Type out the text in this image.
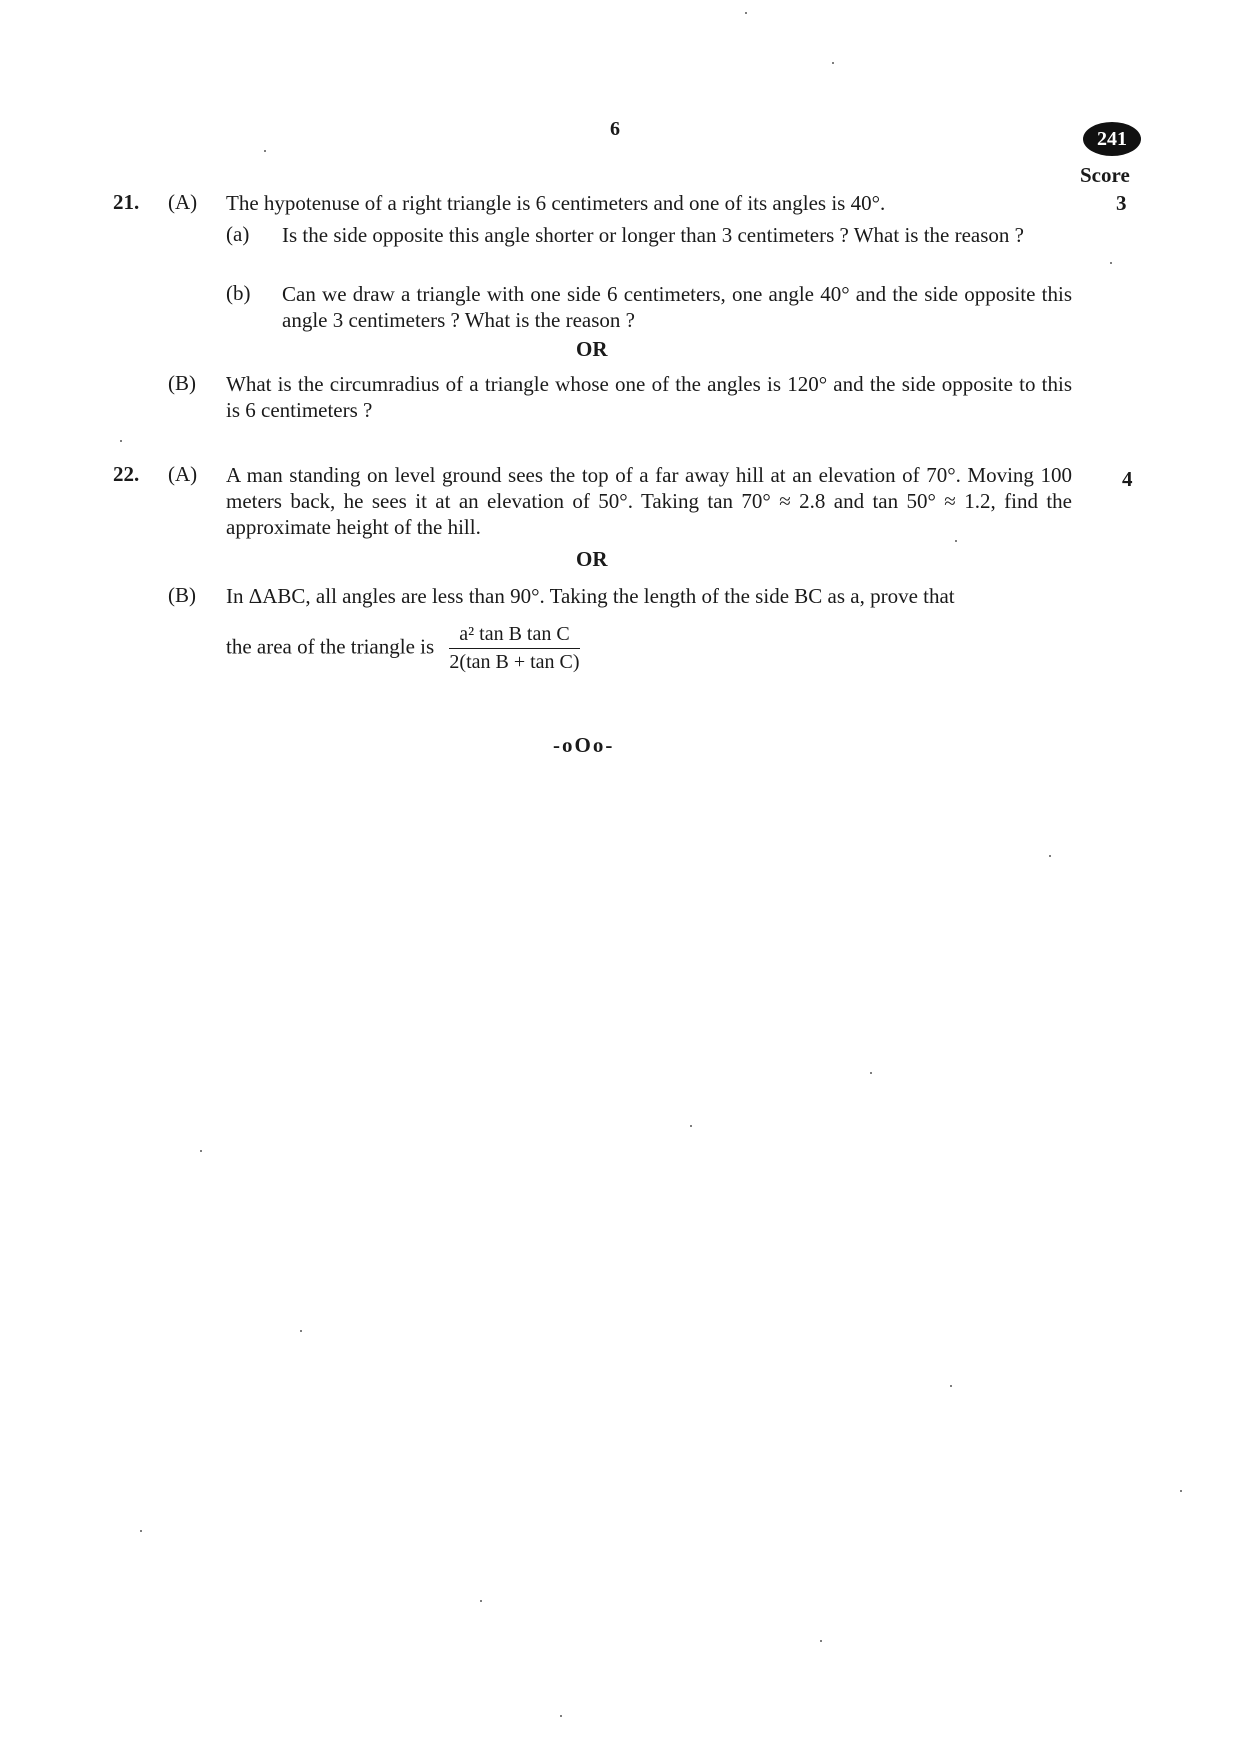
6	241
Score
21. (A) The hypotenuse of a right triangle is 6 centimeters and one of its angles is 40°.	3
(a) Is the side opposite this angle shorter or longer than 3 centimeters ? What is the reason ?
(b) Can we draw a triangle with one side 6 centimeters, one angle 40° and the side opposite this angle 3 centimeters ? What is the reason ?
OR
(B) What is the circumradius of a triangle whose one of the angles is 120° and the side opposite to this is 6 centimeters ?
22. (A) A man standing on level ground sees the top of a far away hill at an elevation of 70°. Moving 100 meters back, he sees it at an elevation of 50°. Taking tan 70° ≈ 2.8 and tan 50° ≈ 1.2, find the approximate height of the hill.
4
OR
(B) In ΔABC, all angles are less than 90°. Taking the length of the side BC as a, prove that
the area of the triangle is $\frac{\text{a² tan B tan C}}{\text{2(tan B + tan C)}}$
-oOo-
